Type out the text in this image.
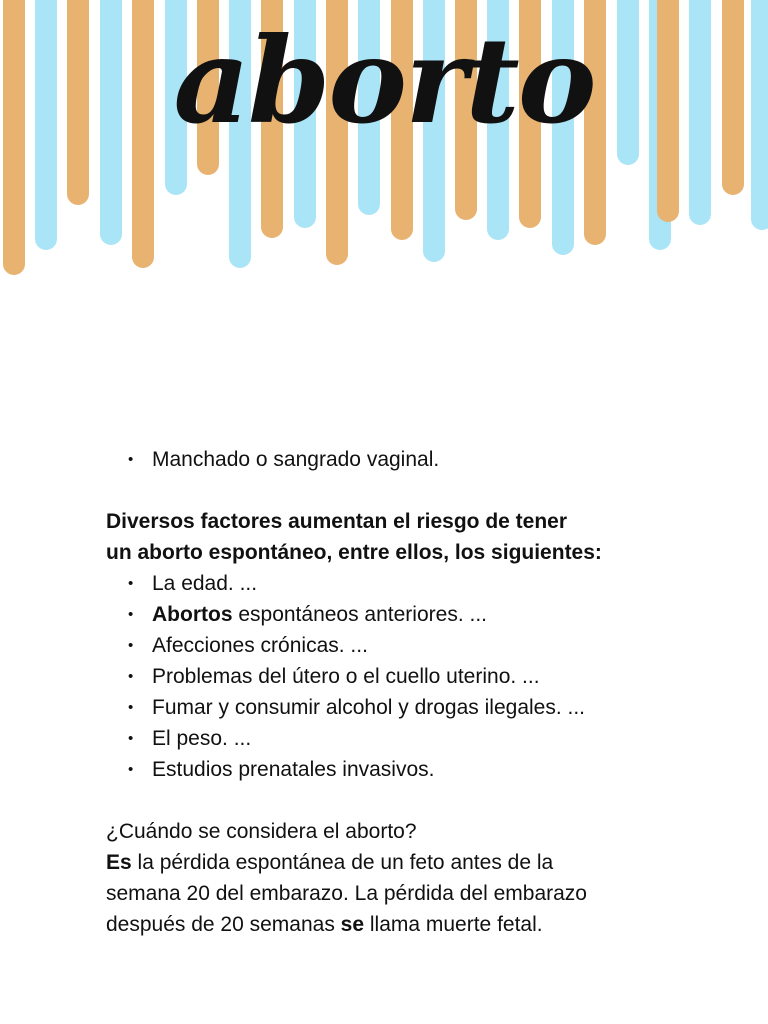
aborto
• Manchado o sangrado vaginal.

Diversos factores aumentan el riesgo de tener
un aborto espontáneo, entre ellos, los siguientes:

• La edad. ...
• Abortos espontáneos anteriores. ...
• Afecciones crónicas. ...
• Problemas del útero o el cuello uterino. ...
• Fumar y consumir alcohol y drogas ilegales. ...
• El peso. ...
• Estudios prenatales invasivos.

¿Cuándo se considera el aborto?

Es la pérdida espontánea de un feto antes de la
semana 20 del embarazo. La pérdida del embarazo
después de 20 semanas se llama muerte fetal.
